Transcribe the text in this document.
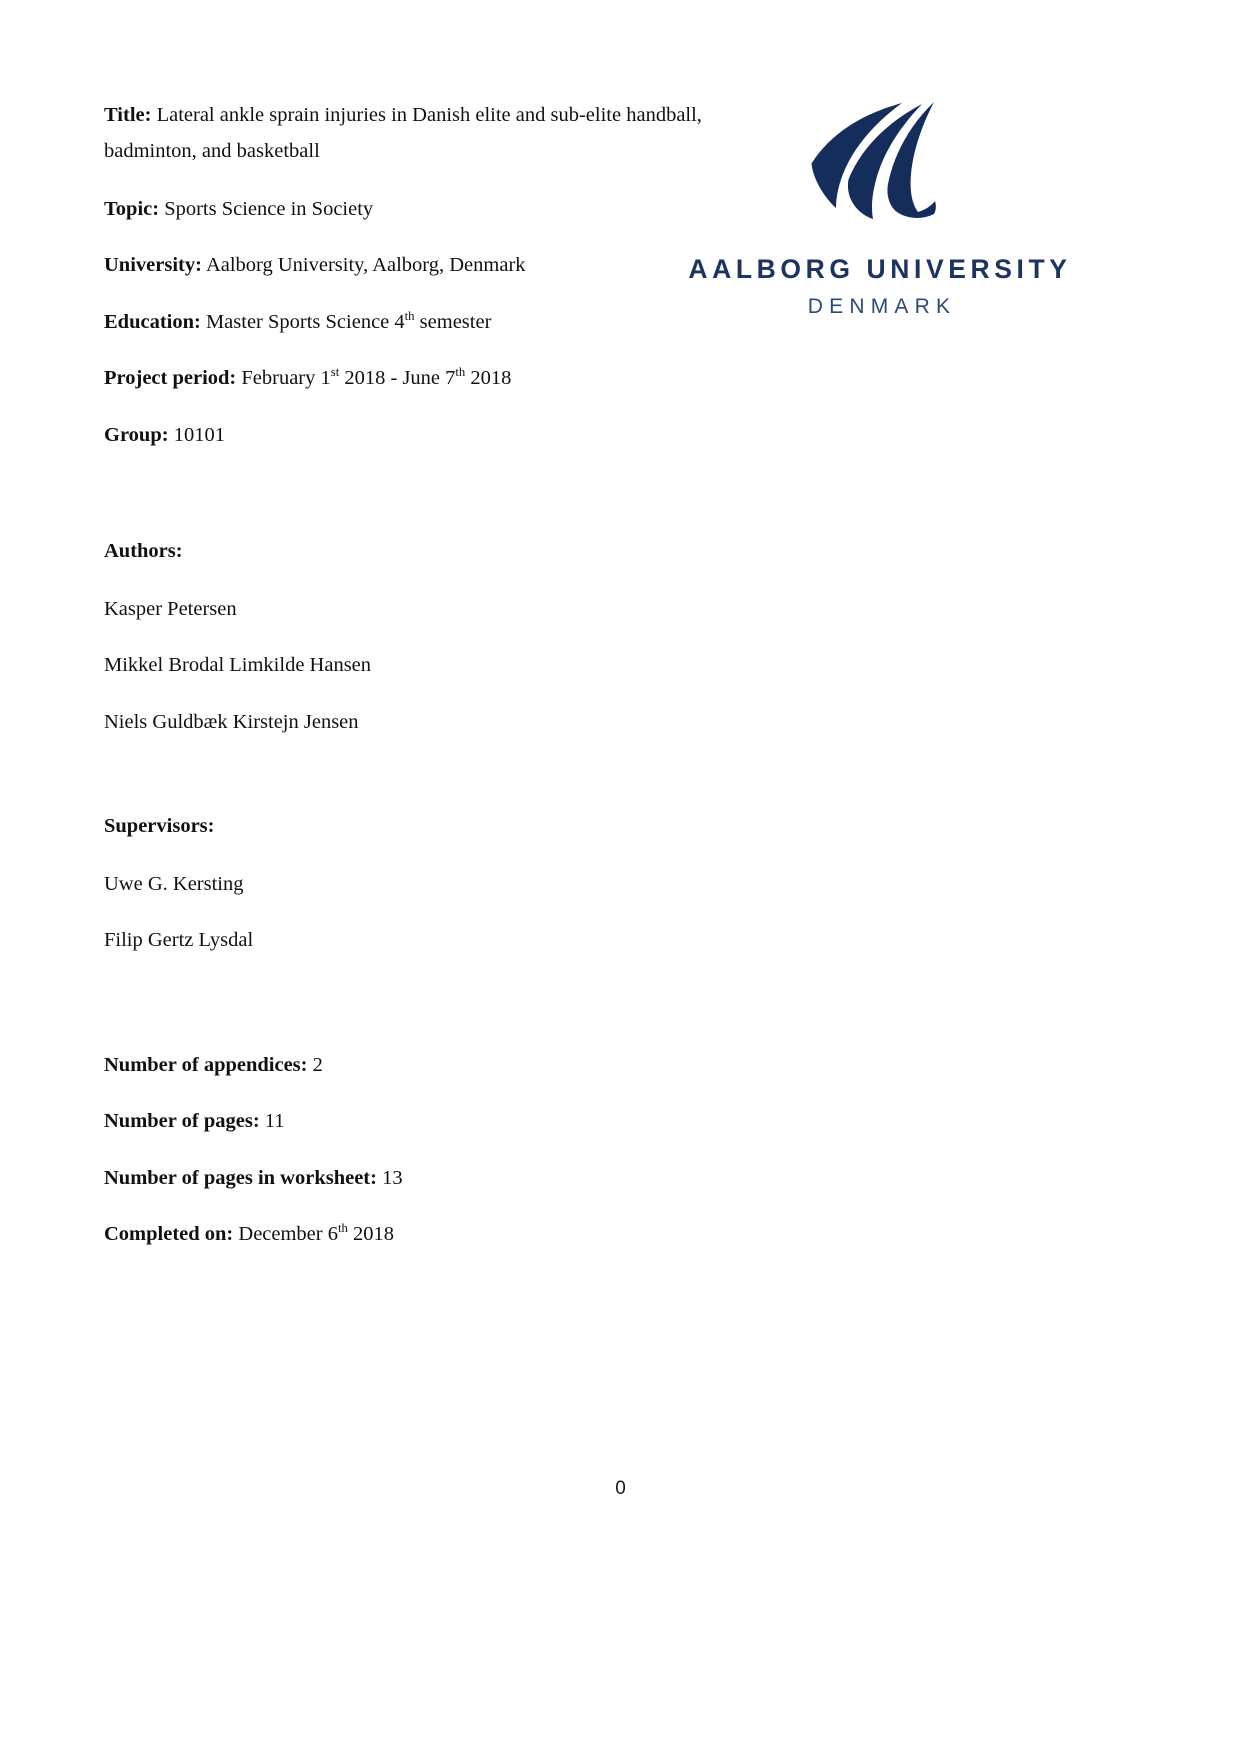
AALBORG UNIVERSITY
DENMARK

Title: Lateral ankle sprain injuries in Danish elite and sub-elite handball, badminton, and basketball

Topic: Sports Science in Society

University: Aalborg University, Aalborg, Denmark

Education: Master Sports Science 4th semester

Project period: February 1st 2018 - June 7th 2018

Group: 10101

Authors:

Kasper Petersen

Mikkel Brodal Limkilde Hansen

Niels Guldbæk Kirstejn Jensen

Supervisors:

Uwe G. Kersting

Filip Gertz Lysdal

Number of appendices: 2

Number of pages: 11

Number of pages in worksheet: 13

Completed on: December 6th 2018

0
